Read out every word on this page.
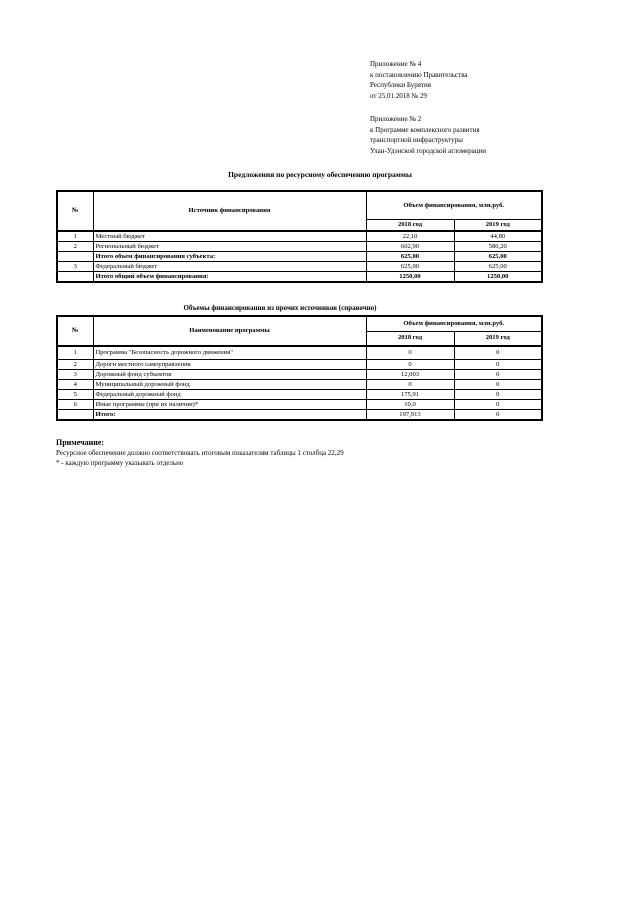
Приложение № 4
к постановлению Правительства
Республики Бурятия
от 25.01.2018 № 29
Приложение № 2
к Программе комплексного развития
транспортной инфраструктуры
Улан-Удэнской городской агломерации
Предложения по ресурсному обеспечению программы
№	Источник финансирования	Объем финансирования, млн.руб.	
		2018 год	2019 год
1	Местный бюджет	22,10	44,80
2	Региональный бюджет	602,90	580,20
	Итого объем финансирования субъекта:	625,00	625,00
3	Федеральный бюджет	625,00	625,00
	Итого общий объем финансирования:	1250,00	1250,00
Объемы финансирования из прочих источников (справочно)
№	Наименование программы	Объем финансирования, млн.руб.	
		2018 год	2019 год
1	Программа "Безопасность дорожного движения"	0	0
2	Дороги местного самоуправления	0	0
3	Дорожный фонд субъектов	12,003	0
4	Муниципальный дорожный фонд	0	0
5	Федеральный дорожный фонд	175,91	0
6	Иные программы (при их наличии)*	10,0	0
	Итого:	197,913	0
Примечание:
Ресурсное обеспечение должно соответствовать итоговым показателям таблицы 1 столбца 22,29
* - каждую программу указывать отдельно
